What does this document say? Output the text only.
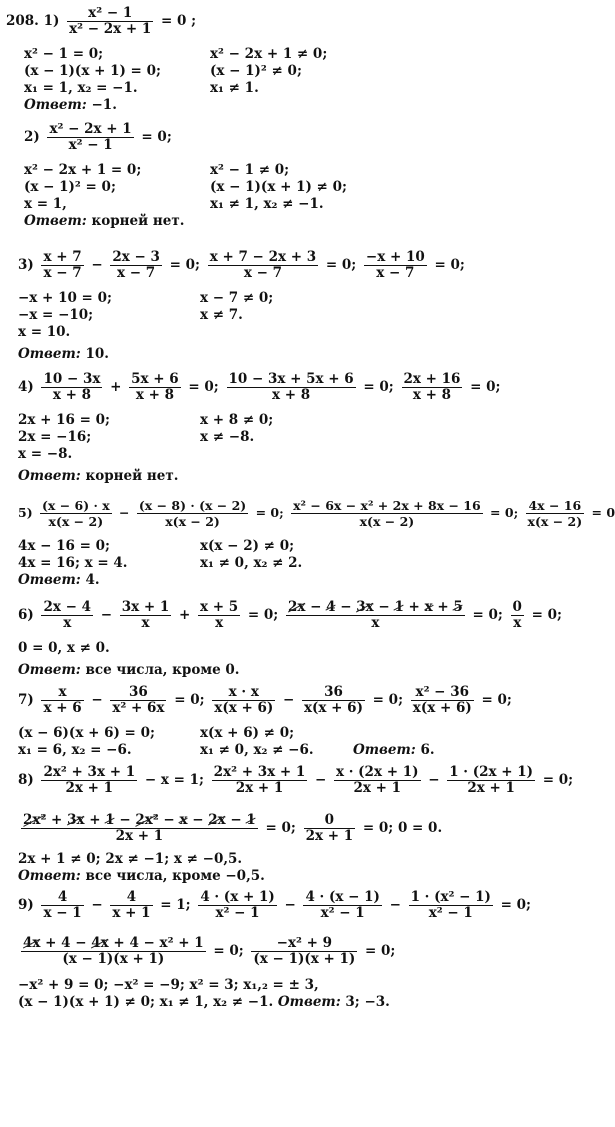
208. $1) \frac{\text{x² − 1}}{\text{x² − 2x + 1}} = 0$ ;
x² − 1 = 0;	x² − 2x + 1 ≠ 0;
(x − 1)(x + 1) = 0;	(x − 1)² ≠ 0;
x₁ = 1, x₂ = −1.	x₁ ≠ 1.
Ответ: −1.
$2) \frac{\text{x² − 2x + 1}}{\text{x² − 1}} = 0$;
x² − 2x + 1 = 0;	x² − 1 ≠ 0;
(x − 1)² = 0;	(x − 1)(x + 1) ≠ 0;
x = 1,	x₁ ≠ 1, x₂ ≠ −1.
Ответ: корней нет.
$3) \frac{x + 7}{x - 7} - \frac{2x - 3}{x - 7} = 0$; $\frac{x + 7 - 2x + 3}{x - 7} = 0$; $\frac{-x + 10}{x - 7} = 0$;
−x + 10 = 0;	x − 7 ≠ 0;
−x = −10;	x ≠ 7.
x = 10.
Ответ: 10.
$4) \frac{10 - 3x}{x + 8} + \frac{5x + 6}{x + 8} = 0$; $\frac{10 - 3x + 5x + 6}{x + 8} = 0$; $\frac{2x + 16}{x + 8} = 0$;
2x + 16 = 0;	x + 8 ≠ 0;
2x = −16;	x ≠ −8.
x = −8.
Ответ: корней нет.
$5) \frac{(x - 6) \cdot x}{x(x - 2)} - \frac{(x - 8) \cdot (x - 2)}{x(x - 2)} = 0$; $\frac{\text{x² − 6x − x² + 2x + 8x − 16}}{x(x - 2)} = 0$; $\frac{4x - 16}{x(x - 2)} = 0$
4x − 16 = 0;	x(x − 2) ≠ 0;
4x = 16; x = 4.	x₁ ≠ 0, x₂ ≠ 2.
Ответ: 4.
$6) \frac{2x - 4}{x} - \frac{3x + 1}{x} + \frac{x + 5}{x} = 0$; $\frac{2x - 4 - 3x - 1 + x + 5}{x} = 0$; $\frac{0}{x} = 0$;
0 = 0, x ≠ 0.
Ответ: все числа, кроме 0.
$7) \frac{x}{x + 6} - \frac{36}{\text{x² + 6x}} = 0$; $\frac{x \cdot x}{x(x + 6)} - \frac{36}{x(x + 6)} = 0$; $\frac{\text{x² − 36}}{x(x + 6)} = 0$;
(x − 6)(x + 6) = 0;	x(x + 6) ≠ 0;
x₁ = 6, x₂ = −6.	x₁ ≠ 0, x₂ ≠ −6.	Ответ: 6.
$8) \frac{\text{2x² + 3x + 1}}{2x + 1} - x = 1$; $\frac{\text{2x² + 3x + 1}}{2x + 1} - \frac{x \cdot (2x + 1)}{2x + 1} - \frac{1 \cdot (2x + 1)}{2x + 1} = 0$;
$\frac{\text{2x² + 3x + 1 − 2x² − x − 2x − 1}}{2x + 1} = 0$; $\frac{0}{2x + 1} = 0$; 0 = 0.
2x + 1 ≠ 0; 2x ≠ −1; x ≠ −0,5.
Ответ: все числа, кроме −0,5.
$9) \frac{4}{x - 1} - \frac{4}{x + 1} = 1$; $\frac{4 \cdot (x + 1)}{\text{x² − 1}} - \frac{4 \cdot (x - 1)}{\text{x² − 1}} - \frac{\text{1 · (x² − 1)}}{\text{x² − 1}} = 0$;
$\frac{\text{4x + 4 − 4x + 4 − x² + 1}}{(x - 1)(x + 1)} = 0$; $\frac{\text{−x² + 9}}{(x - 1)(x + 1)} = 0$;
−x² + 9 = 0; −x² = −9; x² = 3; x₁,₂ = ± 3,
(x − 1)(x + 1) ≠ 0; x₁ ≠ 1, x₂ ≠ −1. Ответ: 3; −3.
